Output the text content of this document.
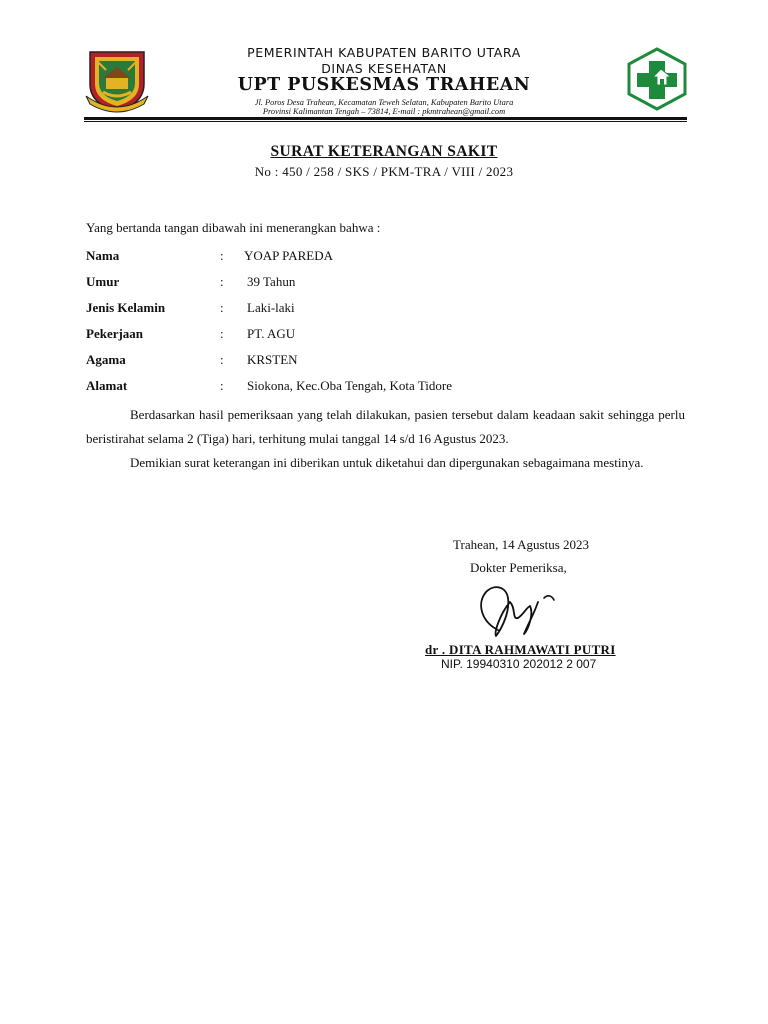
PEMERINTAH KABUPATEN BARITO UTARA
DINAS KESEHATAN
UPT PUSKESMAS TRAHEAN
Jl. Poros Desa Trahean, Kecamatan Teweh Selatan, Kabupaten Barito Utara
Provinsi Kalimantan Tengah – 73814, E-mail : pkmtrahean@gmail.com
SURAT KETERANGAN SAKIT
No : 450 / 258 / SKS / PKM-TRA / VIII / 2023
Yang bertanda tangan dibawah ini menerangkan bahwa :
Nama	: YOAP PAREDA
Umur	: 39 Tahun
Jenis Kelamin	: Laki-laki
Pekerjaan	: PT. AGU
Agama	: KRSTEN
Alamat	: Siokona, Kec.Oba Tengah, Kota Tidore
Berdasarkan hasil pemeriksaan yang telah dilakukan, pasien tersebut dalam keadaan sakit sehingga perlu beristirahat selama 2 (Tiga) hari, terhitung mulai tanggal 14 s/d 16 Agustus 2023.
Demikian surat keterangan ini diberikan untuk diketahui dan dipergunakan sebagaimana mestinya.
Trahean, 14 Agustus 2023
Dokter Pemeriksa,
dr . DITA RAHMAWATI PUTRI
NIP. 19940310 202012 2 007
